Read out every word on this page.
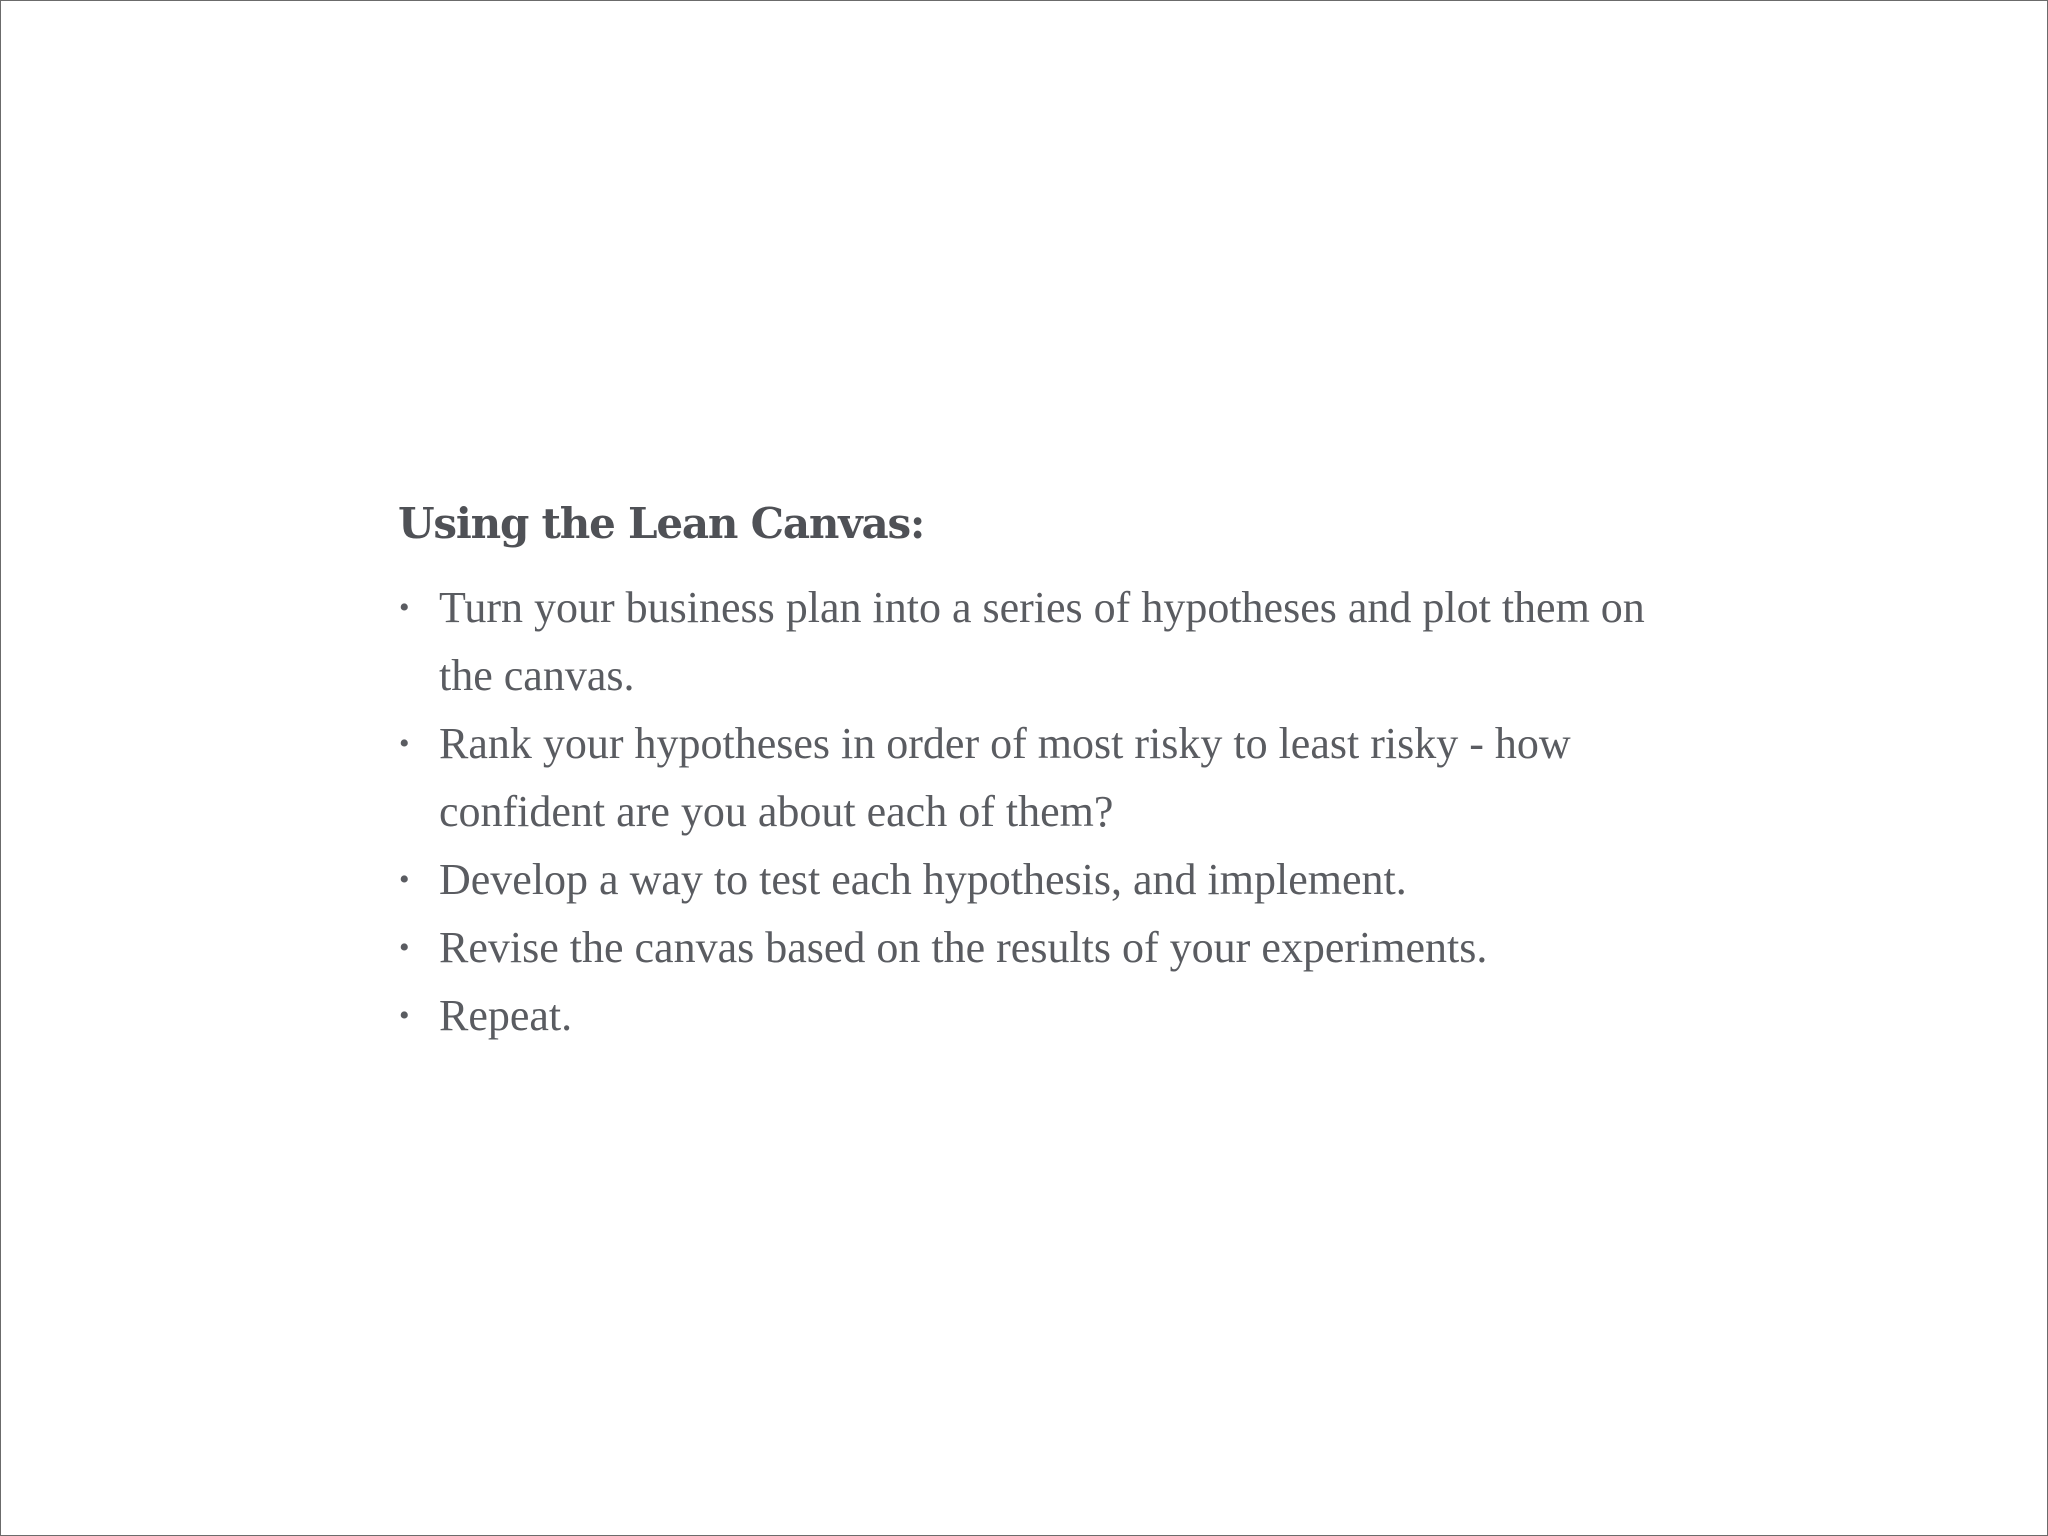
Using the Lean Canvas:
• Turn your business plan into a series of hypotheses and plot them on the canvas.
• Rank your hypotheses in order of most risky to least risky - how confident are you about each of them?
• Develop a way to test each hypothesis, and implement.
• Revise the canvas based on the results of your experiments.
• Repeat.
